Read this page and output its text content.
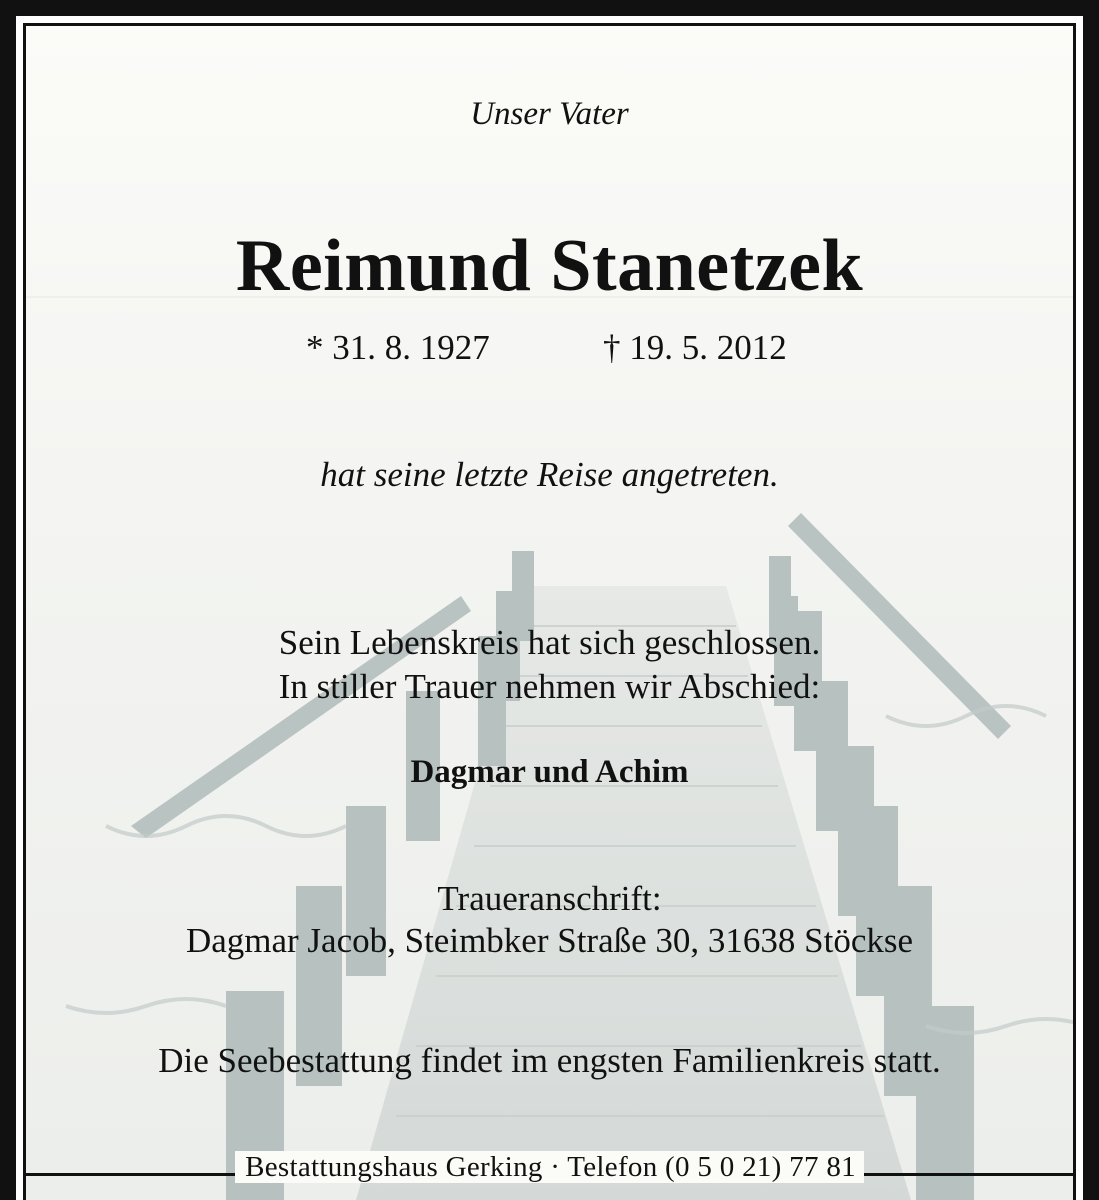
Unser Vater
Reimund Stanetzek
* 31. 8. 1927	† 19. 5. 2012
hat seine letzte Reise angetreten.
Sein Lebenskreis hat sich geschlossen.
In stiller Trauer nehmen wir Abschied:
Dagmar und Achim
Traueranschrift:
Dagmar Jacob, Steimbker Straße 30, 31638 Stöckse
Die Seebestattung findet im engsten Familienkreis statt.
Bestattungshaus Gerking · Telefon (0 5 0 21) 77 81
